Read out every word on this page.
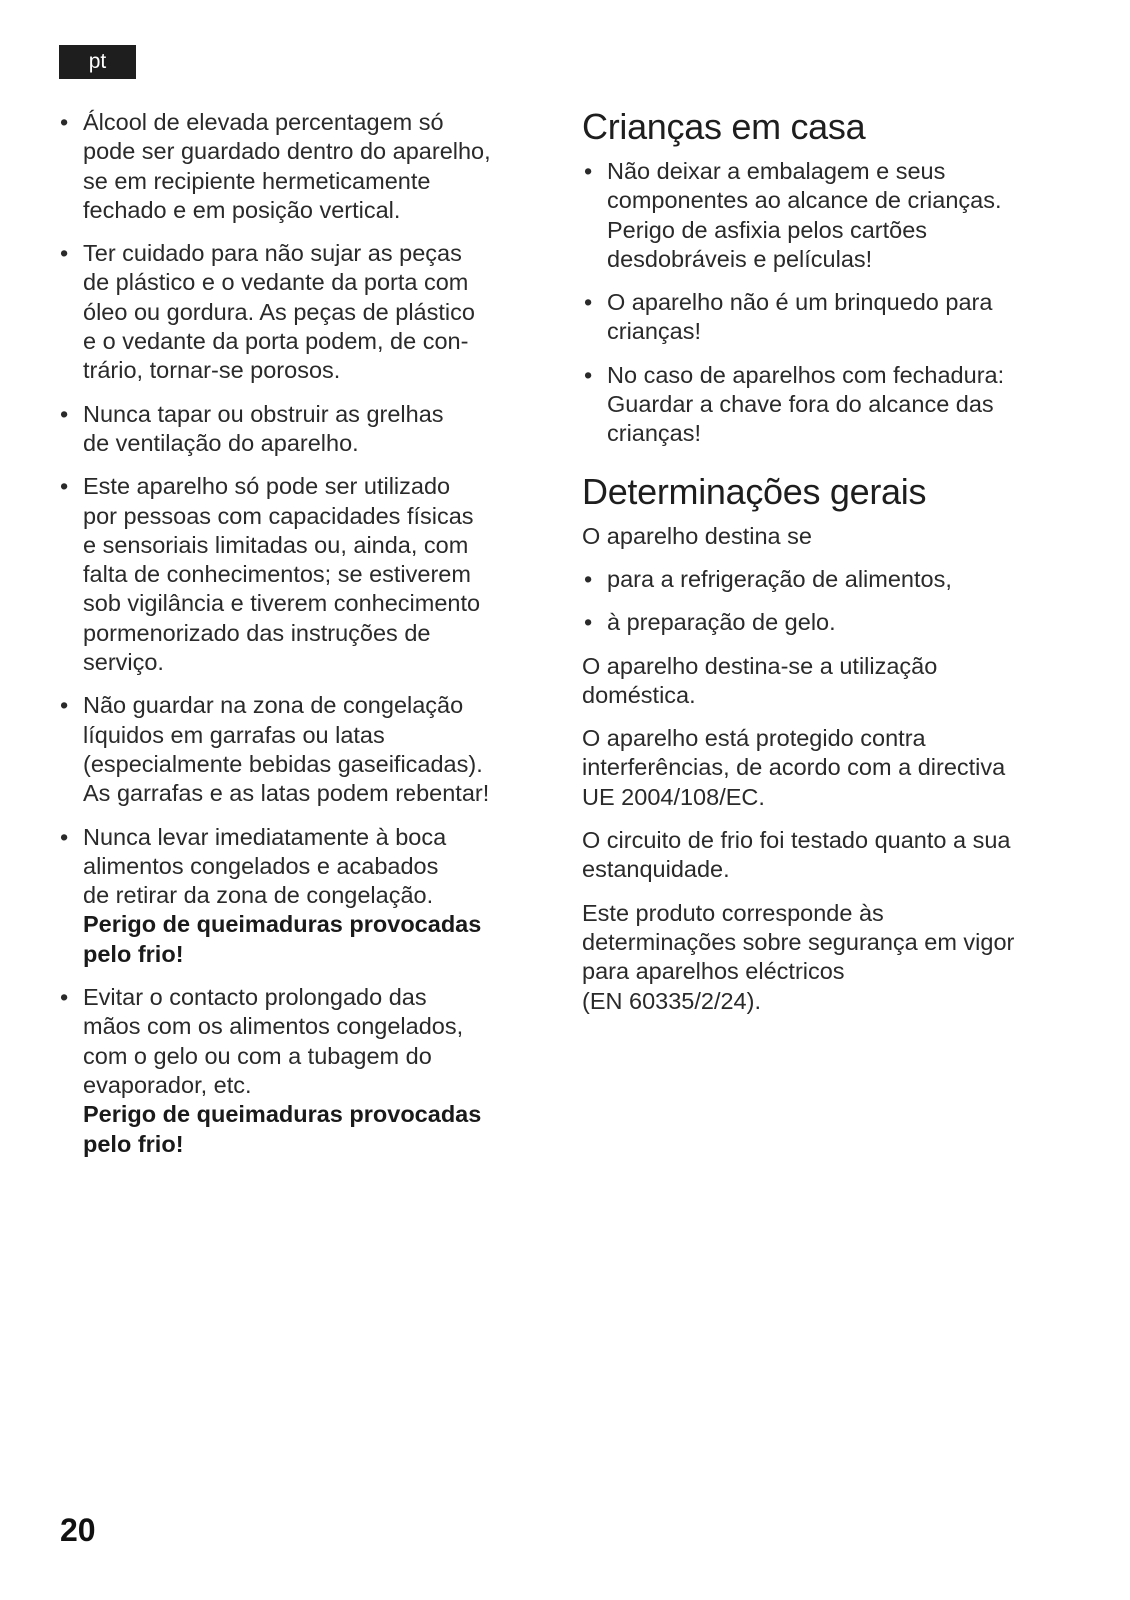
pt
• Álcool de elevada percentagem só
pode ser guardado dentro do aparelho,
se em recipiente hermeticamente
fechado e em posição vertical.
• Ter cuidado para não sujar as peças
de plástico e o vedante da porta com
óleo ou gordura. As peças de plástico
e o vedante da porta podem, de con-
trário, tornar-se porosos.
• Nunca tapar ou obstruir as grelhas
de ventilação do aparelho.
• Este aparelho só pode ser utilizado
por pessoas com capacidades físicas
e sensoriais limitadas ou, ainda, com
falta de conhecimentos; se estiverem
sob vigilância e tiverem conhecimento
pormenorizado das instruções de
serviço.
• Não guardar na zona de congelação
líquidos em garrafas ou latas
(especialmente bebidas gaseificadas).
As garrafas e as latas podem rebentar!
• Nunca levar imediatamente à boca
alimentos congelados e acabados
de retirar da zona de congelação.
Perigo de queimaduras provocadas
pelo frio!
• Evitar o contacto prolongado das
mãos com os alimentos congelados,
com o gelo ou com a tubagem do
evaporador, etc.
Perigo de queimaduras provocadas
pelo frio!
Crianças em casa
• Não deixar a embalagem e seus
componentes ao alcance de crianças.
Perigo de asfixia pelos cartões
desdobráveis e películas!
• O aparelho não é um brinquedo para
crianças!
• No caso de aparelhos com fechadura:
Guardar a chave fora do alcance das
crianças!
Determinações gerais

O aparelho destina se

• para a refrigeração de alimentos,
• à preparação de gelo.

O aparelho destina-se a utilização
doméstica.

O aparelho está protegido contra
interferências, de acordo com a directiva
UE 2004/108/EC.

O circuito de frio foi testado quanto a sua
estanquidade.

Este produto corresponde às
determinações sobre segurança em vigor
para aparelhos eléctricos
(EN 60335/2/24).

20
